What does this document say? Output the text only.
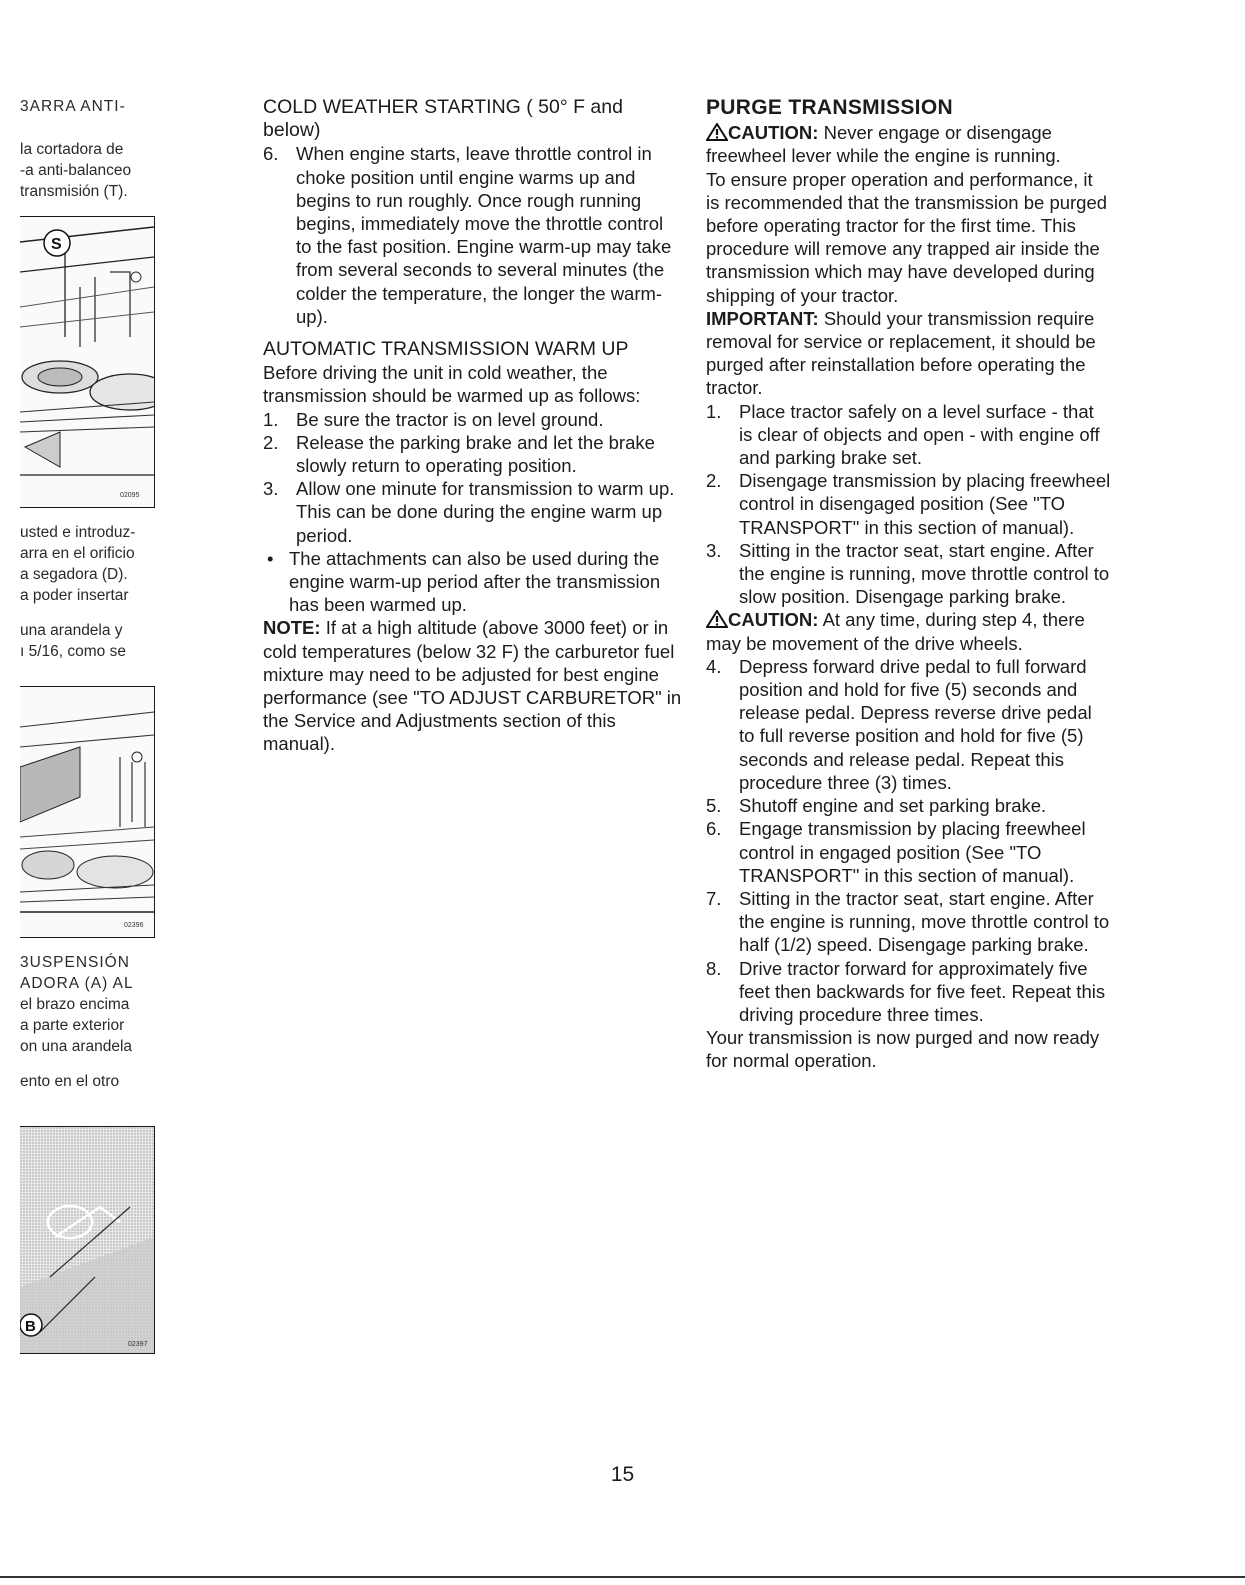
3ARRA ANTI-

la cortadora de

-a anti-balanceo

transmisión (T).

S
02095

usted e introduz-

arra en el orificio

a segadora (D).

a poder insertar

una arandela y

ı 5/16, como se

02396

3USPENSIÓN

ADORA (A) AL

el brazo encima

a parte exterior

on una arandela

ento en el otro

B
02397

COLD WEATHER STARTING ( 50° F and below)

6. When engine starts, leave throttle control in choke position until engine warms up and begins to run roughly. Once rough running begins, immediately move the throttle control to the fast position. Engine warm-up may take from several seconds to several minutes (the colder the temperature, the longer the warm-up).

AUTOMATIC TRANSMISSION WARM UP

Before driving the unit in cold weather, the transmission should be warmed up as follows:

1. Be sure the tractor is on level ground.
2. Release the parking brake and let the brake slowly return to operating position.
3. Allow one minute for transmission to warm up. This can be done during the engine warm up period.
• The attachments can also be used during the engine warm-up period after the transmission has been warmed up.

NOTE: If at a high altitude (above 3000 feet) or in cold temperatures (below 32 F) the carburetor fuel mixture may need to be adjusted for best engine performance (see "TO ADJUST CARBURETOR" in the Service and Adjustments section of this manual).

PURGE TRANSMISSION

CAUTION: Never engage or disengage freewheel lever while the engine is running.

To ensure proper operation and performance, it is recommended that the transmission be purged before operating tractor for the first time. This procedure will remove any trapped air inside the transmission which may have developed during shipping of your tractor.

IMPORTANT: Should your transmission require removal for service or replacement, it should be purged after reinstallation before operating the tractor.

1. Place tractor safely on a level surface - that is clear of objects and open - with engine off and parking brake set.
2. Disengage transmission by placing freewheel control in disengaged position (See "TO TRANSPORT" in this section of manual).
3. Sitting in the tractor seat, start engine. After the engine is running, move throttle control to slow position. Disengage parking brake.

CAUTION: At any time, during step 4, there may be movement of the drive wheels.

4. Depress forward drive pedal to full forward position and hold for five (5) seconds and release pedal. Depress reverse drive pedal to full reverse position and hold for five (5) seconds and release pedal. Repeat this procedure three (3) times.
5. Shutoff engine and set parking brake.
6. Engage transmission by placing freewheel control in engaged position (See "TO TRANSPORT" in this section of manual).
7. Sitting in the tractor seat, start engine. After the engine is running, move throttle control to half (1/2) speed. Disengage parking brake.
8. Drive tractor forward for approximately five feet then backwards for five feet. Repeat this driving procedure three times.

Your transmission is now purged and now ready for normal operation.

15
